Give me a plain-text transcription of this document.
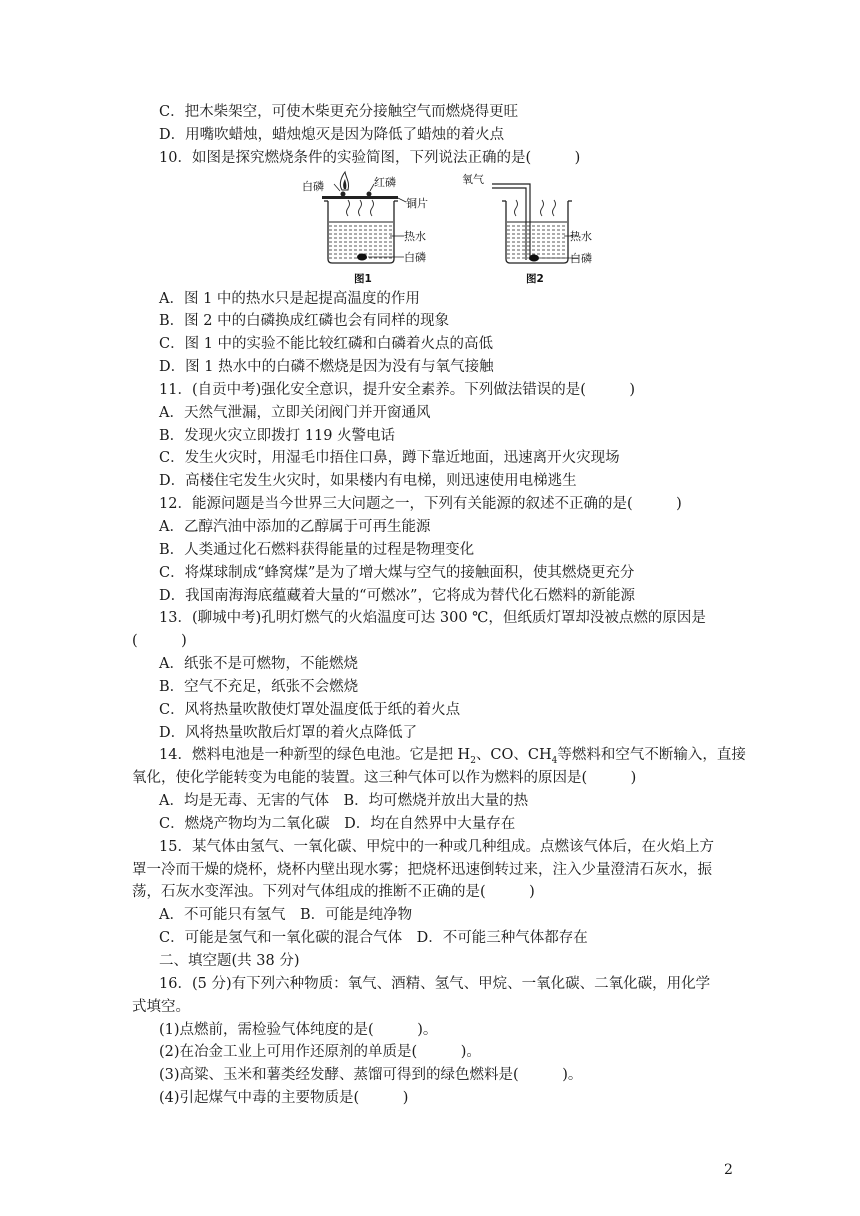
C．把木柴架空，可使木柴更充分接触空气而燃烧得更旺
D．用嘴吹蜡烛，蜡烛熄灭是因为降低了蜡烛的着火点
10．如图是探究燃烧条件的实验简图，下列说法正确的是(　　　)
白磷	红磷
铜片
热水
白磷
图1
氧气
热水
白磷
图2
A．图 1 中的热水只是起提高温度的作用
B．图 2 中的白磷换成红磷也会有同样的现象
C．图 1 中的实验不能比较红磷和白磷着火点的高低
D．图 1 热水中的白磷不燃烧是因为没有与氧气接触
11．(自贡中考)强化安全意识，提升安全素养。下列做法错误的是(　　　)
A．天然气泄漏，立即关闭阀门并开窗通风
B．发现火灾立即拨打 119 火警电话
C．发生火灾时，用湿毛巾捂住口鼻，蹲下靠近地面，迅速离开火灾现场
D．高楼住宅发生火灾时，如果楼内有电梯，则迅速使用电梯逃生
12．能源问题是当今世界三大问题之一，下列有关能源的叙述不正确的是(　　　)
A．乙醇汽油中添加的乙醇属于可再生能源
B．人类通过化石燃料获得能量的过程是物理变化
C．将煤球制成“蜂窝煤”是为了增大煤与空气的接触面积，使其燃烧更充分
D．我国南海海底蕴藏着大量的“可燃冰”，它将成为替代化石燃料的新能源
13．(聊城中考)孔明灯燃气的火焰温度可达 300 ℃，但纸质灯罩却没被点燃的原因是
(　　　)
A．纸张不是可燃物，不能燃烧
B．空气不充足，纸张不会燃烧
C．风将热量吹散使灯罩处温度低于纸的着火点
D．风将热量吹散后灯罩的着火点降低了
14．燃料电池是一种新型的绿色电池。它是把 $H_2$、CO、$CH_4$等燃料和空气不断输入，直接
氧化，使化学能转变为电能的装置。这三种气体可以作为燃料的原因是(　　　)
A．均是无毒、无害的气体　B．均可燃烧并放出大量的热
C．燃烧产物均为二氧化碳　D．均在自然界中大量存在
15．某气体由氢气、一氧化碳、甲烷中的一种或几种组成。点燃该气体后，在火焰上方
罩一冷而干燥的烧杯，烧杯内壁出现水雾；把烧杯迅速倒转过来，注入少量澄清石灰水，振
荡，石灰水变浑浊。下列对气体组成的推断不正确的是(　　　)
A．不可能只有氢气　B．可能是纯净物
C．可能是氢气和一氧化碳的混合气体　D．不可能三种气体都存在
二、填空题(共 38 分)
16．(5 分)有下列六种物质：氧气、酒精、氢气、甲烷、一氧化碳、二氧化碳，用化学
式填空。
(1)点燃前，需检验气体纯度的是(　　　)。
(2)在冶金工业上可用作还原剂的单质是(　　　)。
(3)高粱、玉米和薯类经发酵、蒸馏可得到的绿色燃料是(　　　)。
(4)引起煤气中毒的主要物质是(　　　)
2
